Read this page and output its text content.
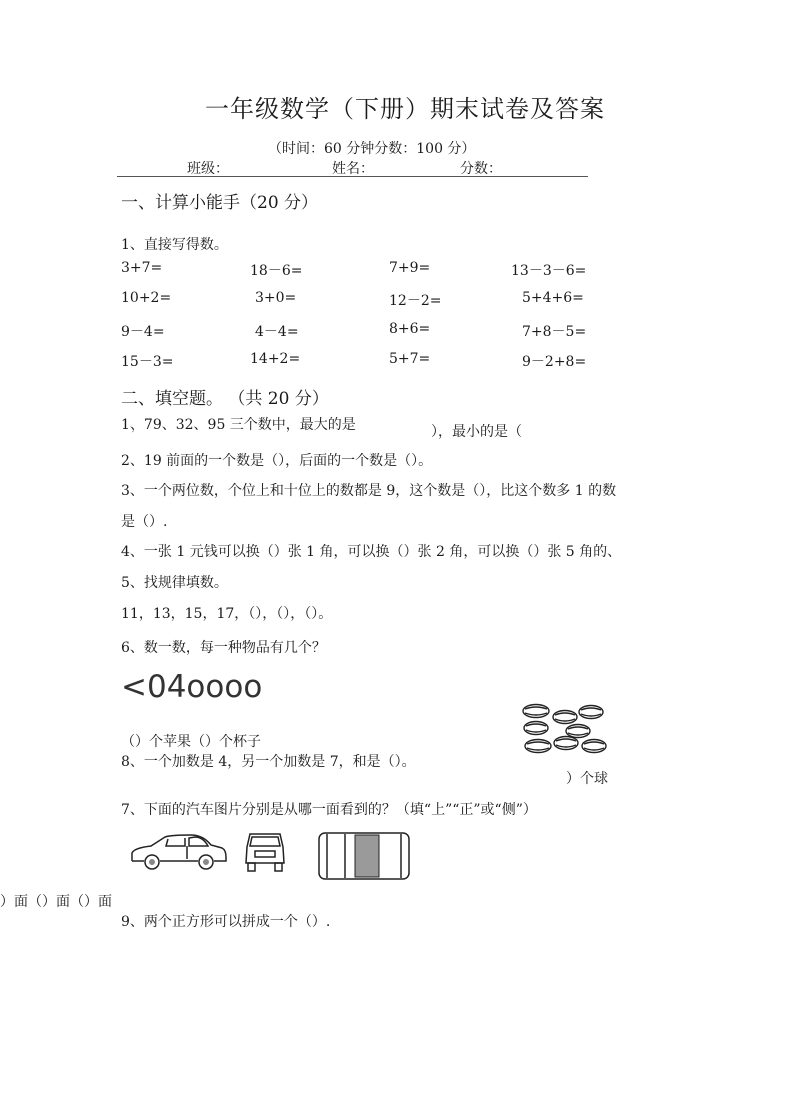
一年级数学（下册）期末试卷及答案
（时间：60 分钟分数：100 分）
班级：	姓名：	分数：
一、计算小能手（20 分）
1、直接写得数。
3+7=	18－6=	7+9=	13－3－6=
10+2=	3+0=	12－2=	5+4+6=
9－4=	4－4=	8+6=	7+8－5=
15－3=	14+2=	5+7=	9－2+8=
二、填空题。 （共 20 分）
1、79、32、95 三个数中，最大的是	），最小的是（
′
2、19 前面的一个数是（），后面的一个数是（）。
3、一个两位数，个位上和十位上的数都是 9，这个数是（），比这个数多 1 的数
是（）.
4、一张 1 元钱可以换（）张 1 角，可以换（）张 2 角，可以换（）张 5 角的、
5、找规律填数。
11，13，15，17，（），（），（）。
6、数一数，每一种物品有几个？
<04oooo
（）个苹果（）个杯子
8、一个加数是 4，另一个加数是 7，和是（）。
）个球
7、下面的汽车图片分别是从哪一面看到的？（填“上”“正”或“侧”）
）面（）面（）面
9、两个正方形可以拼成一个（）.
